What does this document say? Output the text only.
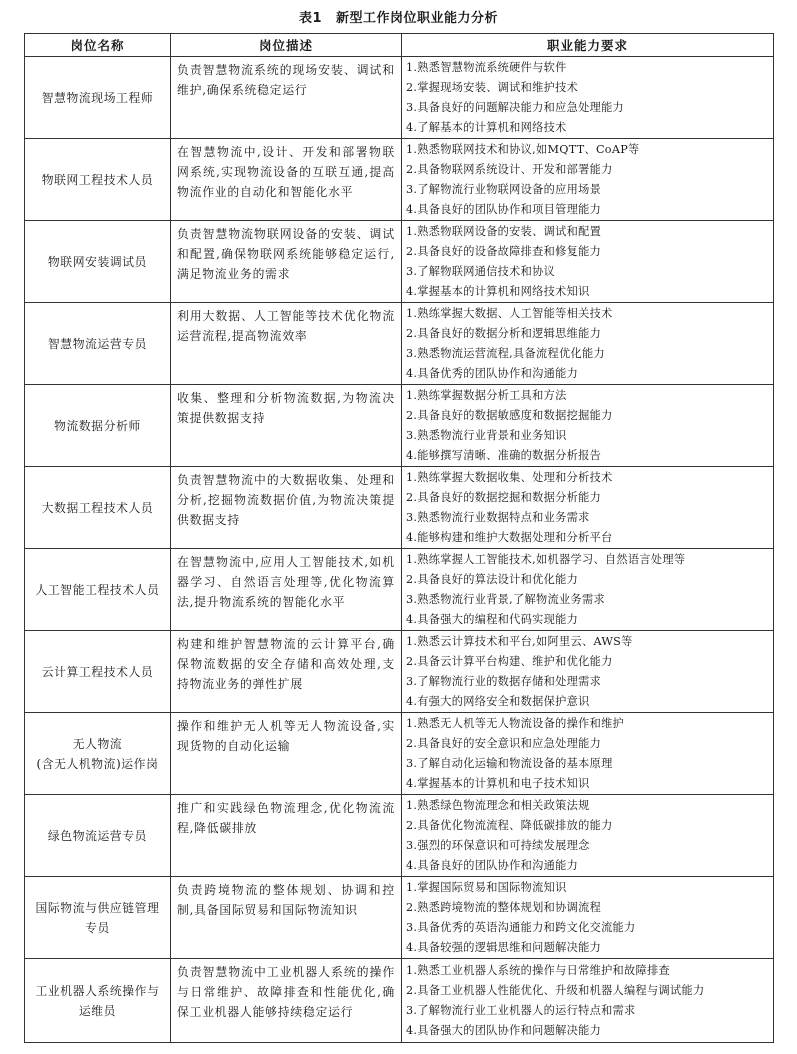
表1 新型工作岗位职业能力分析
岗位名称	岗位描述	职业能力要求

智慧物流现场工程师	负责智慧物流系统的现场安装、调试和维护,确保系统稳定运行	1.熟悉智慧物流系统硬件与软件
2.掌握现场安装、调试和维护技术
3.具备良好的问题解决能力和应急处理能力
4.了解基本的计算机和网络技术

物联网工程技术人员	在智慧物流中,设计、开发和部署物联网系统,实现物流设备的互联互通,提高物流作业的自动化和智能化水平	1.熟悉物联网技术和协议,如MQTT、CoAP等
2.具备物联网系统设计、开发和部署能力
3.了解物流行业物联网设备的应用场景
4.具备良好的团队协作和项目管理能力

物联网安装调试员	负责智慧物流物联网设备的安装、调试和配置,确保物联网系统能够稳定运行,满足物流业务的需求	1.熟悉物联网设备的安装、调试和配置
2.具备良好的设备故障排查和修复能力
3.了解物联网通信技术和协议
4.掌握基本的计算机和网络技术知识

智慧物流运营专员	利用大数据、人工智能等技术优化物流运营流程,提高物流效率	1.熟练掌握大数据、人工智能等相关技术
2.具备良好的数据分析和逻辑思维能力
3.熟悉物流运营流程,具备流程优化能力
4.具备优秀的团队协作和沟通能力

物流数据分析师	收集、整理和分析物流数据,为物流决策提供数据支持	1.熟练掌握数据分析工具和方法
2.具备良好的数据敏感度和数据挖掘能力
3.熟悉物流行业背景和业务知识
4.能够撰写清晰、准确的数据分析报告

大数据工程技术人员	负责智慧物流中的大数据收集、处理和分析,挖掘物流数据价值,为物流决策提供数据支持	1.熟练掌握大数据收集、处理和分析技术
2.具备良好的数据挖掘和数据分析能力
3.熟悉物流行业数据特点和业务需求
4.能够构建和维护大数据处理和分析平台

人工智能工程技术人员	在智慧物流中,应用人工智能技术,如机器学习、自然语言处理等,优化物流算法,提升物流系统的智能化水平	1.熟练掌握人工智能技术,如机器学习、自然语言处理等
2.具备良好的算法设计和优化能力
3.熟悉物流行业背景,了解物流业务需求
4.具备强大的编程和代码实现能力

云计算工程技术人员	构建和维护智慧物流的云计算平台,确保物流数据的安全存储和高效处理,支持物流业务的弹性扩展	1.熟悉云计算技术和平台,如阿里云、AWS等
2.具备云计算平台构建、维护和优化能力
3.了解物流行业的数据存储和处理需求
4.有强大的网络安全和数据保护意识

无人物流
(含无人机物流)运作岗	操作和维护无人机等无人物流设备,实现货物的自动化运输	1.熟悉无人机等无人物流设备的操作和维护
2.具备良好的安全意识和应急处理能力
3.了解自动化运输和物流设备的基本原理
4.掌握基本的计算机和电子技术知识

绿色物流运营专员	推广和实践绿色物流理念,优化物流流程,降低碳排放	1.熟悉绿色物流理念和相关政策法规
2.具备优化物流流程、降低碳排放的能力
3.强烈的环保意识和可持续发展理念
4.具备良好的团队协作和沟通能力

国际物流与供应链管理
专员	负责跨境物流的整体规划、协调和控制,具备国际贸易和国际物流知识	1.掌握国际贸易和国际物流知识
2.熟悉跨境物流的整体规划和协调流程
3.具备优秀的英语沟通能力和跨文化交流能力
4.具备较强的逻辑思维和问题解决能力

工业机器人系统操作与
运维员	负责智慧物流中工业机器人系统的操作与日常维护、故障排查和性能优化,确保工业机器人能够持续稳定运行	1.熟悉工业机器人系统的操作与日常维护和故障排查
2.具备工业机器人性能优化、升级和机器人编程与调试能力
3.了解物流行业工业机器人的运行特点和需求
4.具备强大的团队协作和问题解决能力
